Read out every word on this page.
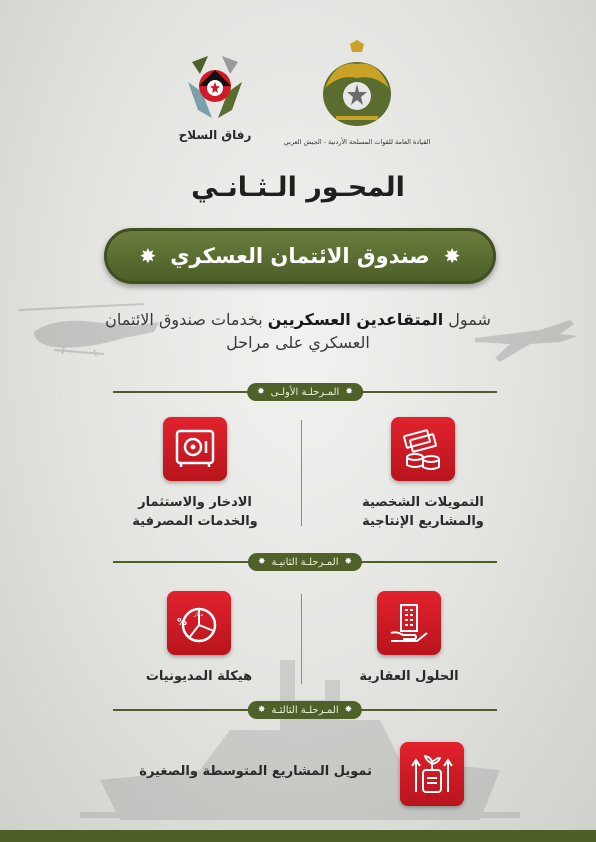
رفاق السلاح	القيادة العامة للقوات المسلحة الأردنية - الجيش العربي
المحـور الـثـانـي
✸
صندوق الائتمان العسكري
✸
شمول المتقاعدين العسكريين بخدمات صندوق الائتمان العسكري على مراحل
✸
المـرحلـة الأولـى
✸
التمويلات الشخصية والمشاريع الإنتاجية
الادخار والاستثمار والخدمات المصرفية
✸
المـرحلـة الثانيـة
✸
الحلول العقارية
%
دينار
هيكلة المديونيات
✸
المـرحلـة الثالثـة
✸
تمويل المشاريع المتوسطة والصغيرة
